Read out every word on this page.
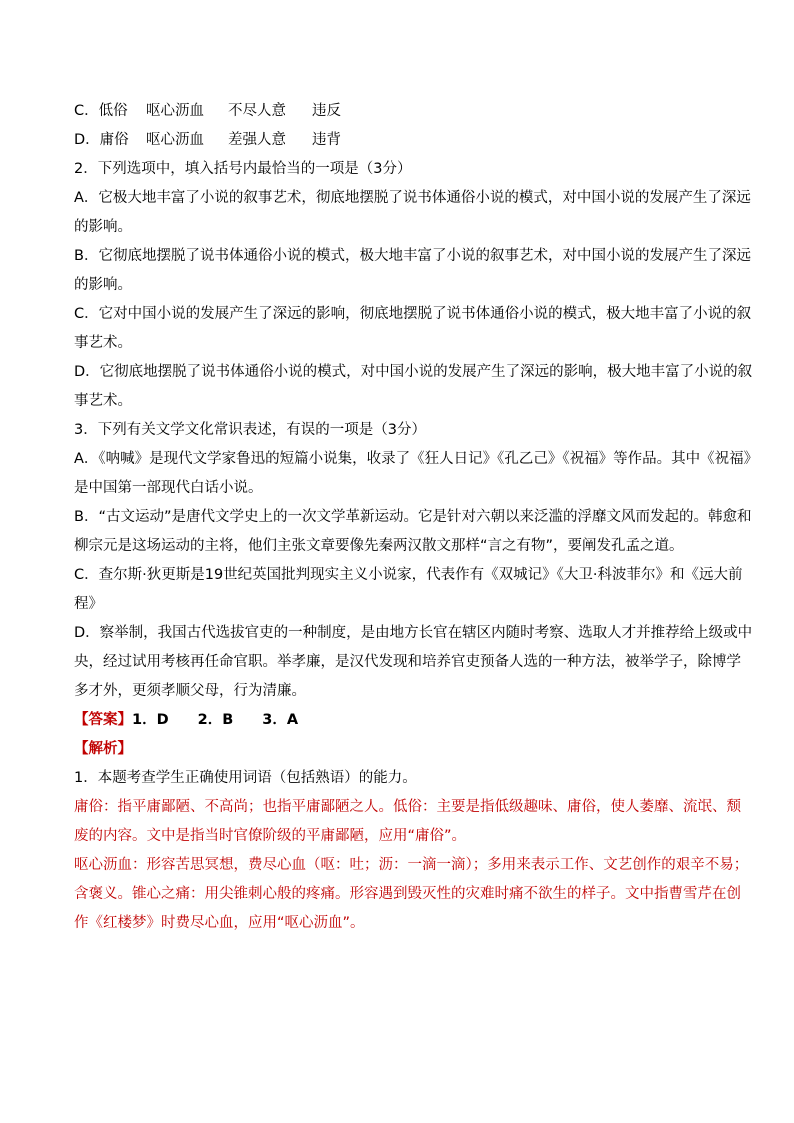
C．低俗 呕心沥血 不尽人意 违反
D．庸俗 呕心沥血 差强人意 违背
2．下列选项中，填入括号内最恰当的一项是（3分）
A．它极大地丰富了小说的叙事艺术，彻底地摆脱了说书体通俗小说的模式，对中国小说的发展产生了深远
的影响。
B．它彻底地摆脱了说书体通俗小说的模式，极大地丰富了小说的叙事艺术，对中国小说的发展产生了深远
的影响。
C．它对中国小说的发展产生了深远的影响，彻底地摆脱了说书体通俗小说的模式，极大地丰富了小说的叙
事艺术。
D．它彻底地摆脱了说书体通俗小说的模式，对中国小说的发展产生了深远的影响，极大地丰富了小说的叙
事艺术。
3．下列有关文学文化常识表述，有误的一项是（3分）
A．《呐喊》是现代文学家鲁迅的短篇小说集，收录了《狂人日记》《孔乙己》《祝福》等作品。其中《祝福》
是中国第一部现代白话小说。
B．“古文运动”是唐代文学史上的一次文学革新运动。它是针对六朝以来泛滥的浮靡文风而发起的。韩愈和
柳宗元是这场运动的主将，他们主张文章要像先秦两汉散文那样“言之有物”，要阐发孔孟之道。
C．查尔斯·狄更斯是19世纪英国批判现实主义小说家，代表作有《双城记》《大卫·科波菲尔》和《远大前
程》
D．察举制，我国古代选拔官吏的一种制度，是由地方长官在辖区内随时考察、选取人才并推荐给上级或中
央，经过试用考核再任命官职。举孝廉，是汉代发现和培养官吏预备人选的一种方法，被举学子，除博学
多才外，更须孝顺父母，行为清廉。
【答案】1．D　　2．B　　3．A
【解析】
1．本题考查学生正确使用词语（包括熟语）的能力。
庸俗：指平庸鄙陋、不高尚；也指平庸鄙陋之人。低俗：主要是指低级趣味、庸俗，使人萎靡、流氓、颓
废的内容。文中是指当时官僚阶级的平庸鄙陋，应用“庸俗”。
呕心沥血：形容苦思冥想，费尽心血（呕：吐；沥：一滴一滴）；多用来表示工作、文艺创作的艰辛不易；
含褒义。锥心之痛：用尖锥刺心般的疼痛。形容遇到毁灭性的灾难时痛不欲生的样子。文中指曹雪芹在创
作《红楼梦》时费尽心血，应用“呕心沥血”。
